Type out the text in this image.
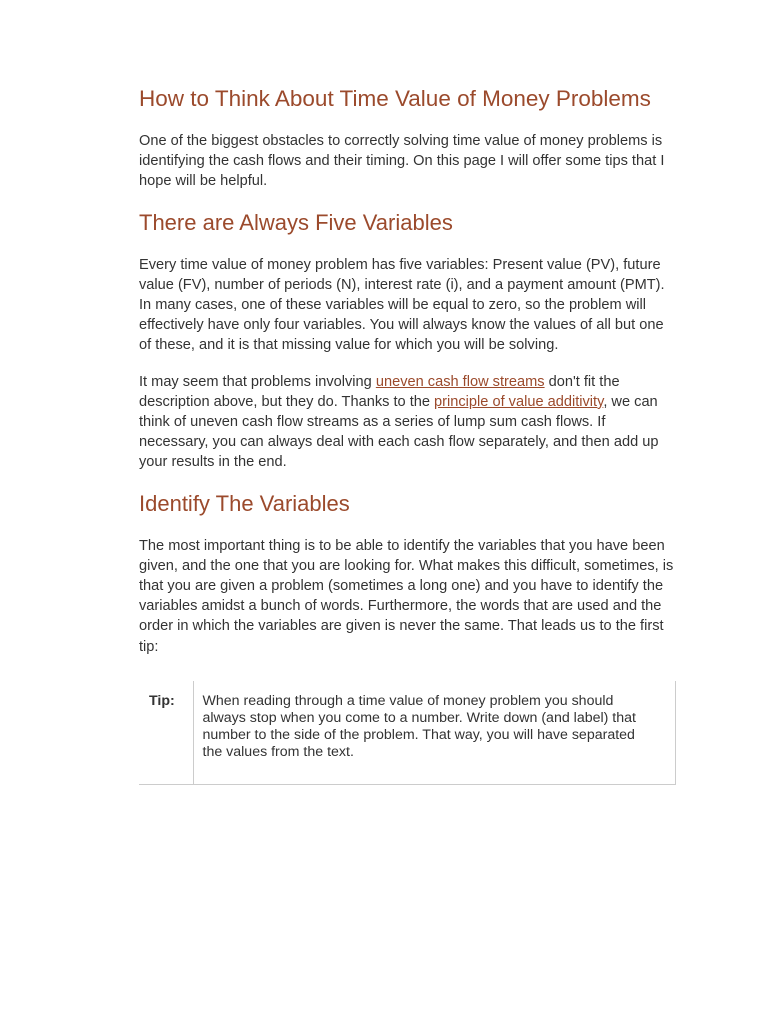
How to Think About Time Value of Money Problems

One of the biggest obstacles to correctly solving time value of money problems is identifying the cash flows and their timing. On this page I will offer some tips that I hope will be helpful.

There are Always Five Variables

Every time value of money problem has five variables: Present value (PV), future value (FV), number of periods (N), interest rate (i), and a payment amount (PMT). In many cases, one of these variables will be equal to zero, so the problem will effectively have only four variables. You will always know the values of all but one of these, and it is that missing value for which you will be solving.

It may seem that problems involving uneven cash flow streams don't fit the description above, but they do. Thanks to the principle of value additivity, we can think of uneven cash flow streams as a series of lump sum cash flows. If necessary, you can always deal with each cash flow separately, and then add up your results in the end.

Identify The Variables

The most important thing is to be able to identify the variables that you have been given, and the one that you are looking for. What makes this difficult, sometimes, is that you are given a problem (sometimes a long one) and you have to identify the variables amidst a bunch of words. Furthermore, the words that are used and the order in which the variables are given is never the same. That leads us to the first tip:

Tip:	When reading through a time value of money problem you should always stop when you come to a number. Write down (and label) that number to the side of the problem. That way, you will have separated the values from the text.
